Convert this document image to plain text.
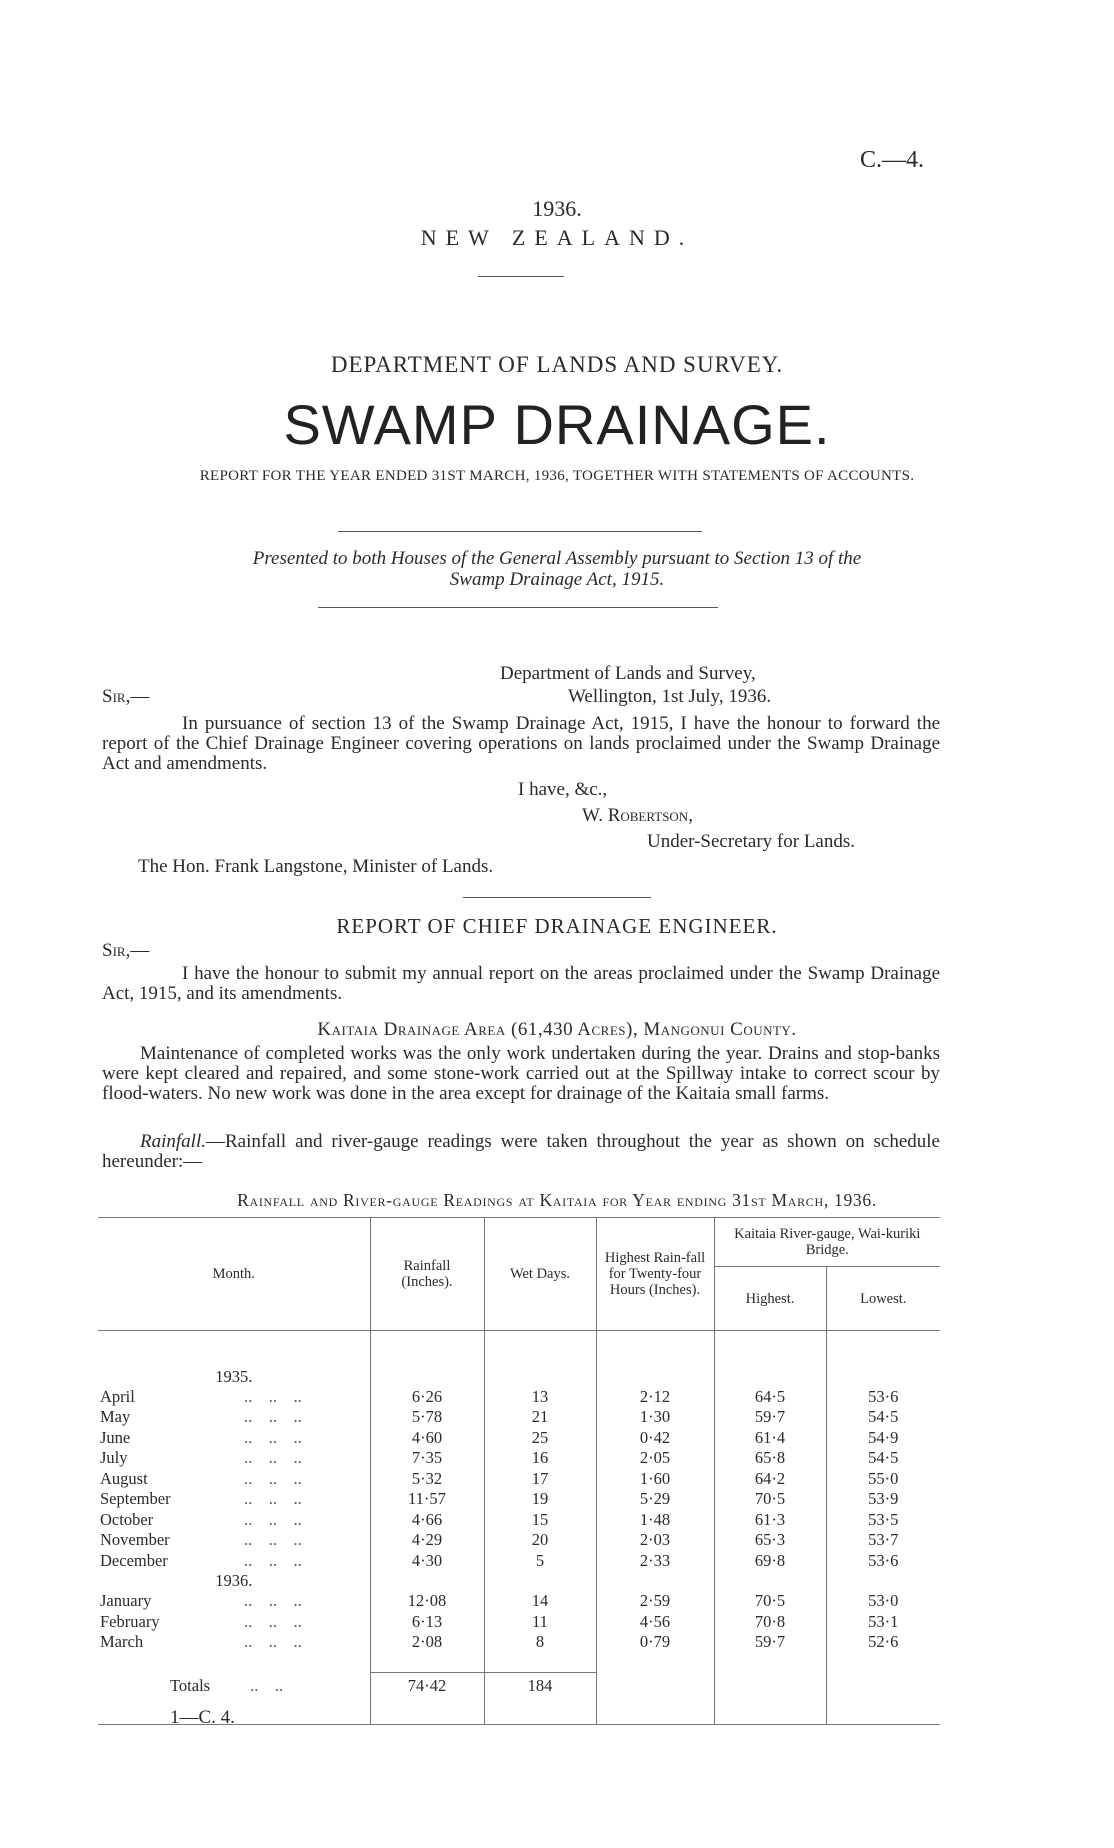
C.—4.
1936.
NEW ZEALAND.
DEPARTMENT OF LANDS AND SURVEY.
SWAMP DRAINAGE.
REPORT FOR THE YEAR ENDED 31ST MARCH, 1936, TOGETHER WITH STATEMENTS OF ACCOUNTS.
Presented to both Houses of the General Assembly pursuant to Section 13 of the
Swamp Drainage Act, 1915.
Department of Lands and Survey,
Wellington, 1st July, 1936.
Sir,—
In pursuance of section 13 of the Swamp Drainage Act, 1915, I have the honour to forward the report of the Chief Drainage Engineer covering operations on lands proclaimed under the Swamp Drainage Act and amendments.
I have, &c.,
W. Robertson,
Under-Secretary for Lands.
The Hon. Frank Langstone, Minister of Lands.
REPORT OF CHIEF DRAINAGE ENGINEER.
Sir,—
I have the honour to submit my annual report on the areas proclaimed under the Swamp Drainage Act, 1915, and its amendments.
Kaitaia Drainage Area (61,430 Acres), Mangonui County.
Maintenance of completed works was the only work undertaken during the year. Drains and stop-banks were kept cleared and repaired, and some stone-work carried out at the Spillway intake to correct scour by flood-waters. No new work was done in the area except for drainage of the Kaitaia small farms.
Rainfall.—Rainfall and river-gauge readings were taken throughout the year as shown on schedule hereunder:—
Rainfall and River-gauge Readings at Kaitaia for Year ending 31st March, 1936.
Month.	Rainfall (Inches).	Wet Days.	Highest Rain-fall for Twenty-four Hours (Inches).	Kaitaia River-gauge, Wai-kuriki Bridge.	
				Highest.	Lowest.

1935.					
April ..    ..    ..	6·26	13	2·12	64·5	53·6
May ..    ..    ..	5·78	21	1·30	59·7	54·5
June ..    ..    ..	4·60	25	0·42	61·4	54·9
July ..    ..    ..	7·35	16	2·05	65·8	54·5
August ..    ..    ..	5·32	17	1·60	64·2	55·0
September ..    ..    ..	11·57	19	5·29	70·5	53·9
October ..    ..    ..	4·66	15	1·48	61·3	53·5
November ..    ..    ..	4·29	20	2·03	65·3	53·7
December ..    ..    ..	4·30	5	2·33	69·8	53·6
1936.					
January ..    ..    ..	12·08	14	2·59	70·5	53·0
February ..    ..    ..	6·13	11	4·56	70·8	53·1
March ..    ..    ..	2·08	8	0·79	59·7	52·6

Totals ..    ..	74·42	184			

1—C. 4.
